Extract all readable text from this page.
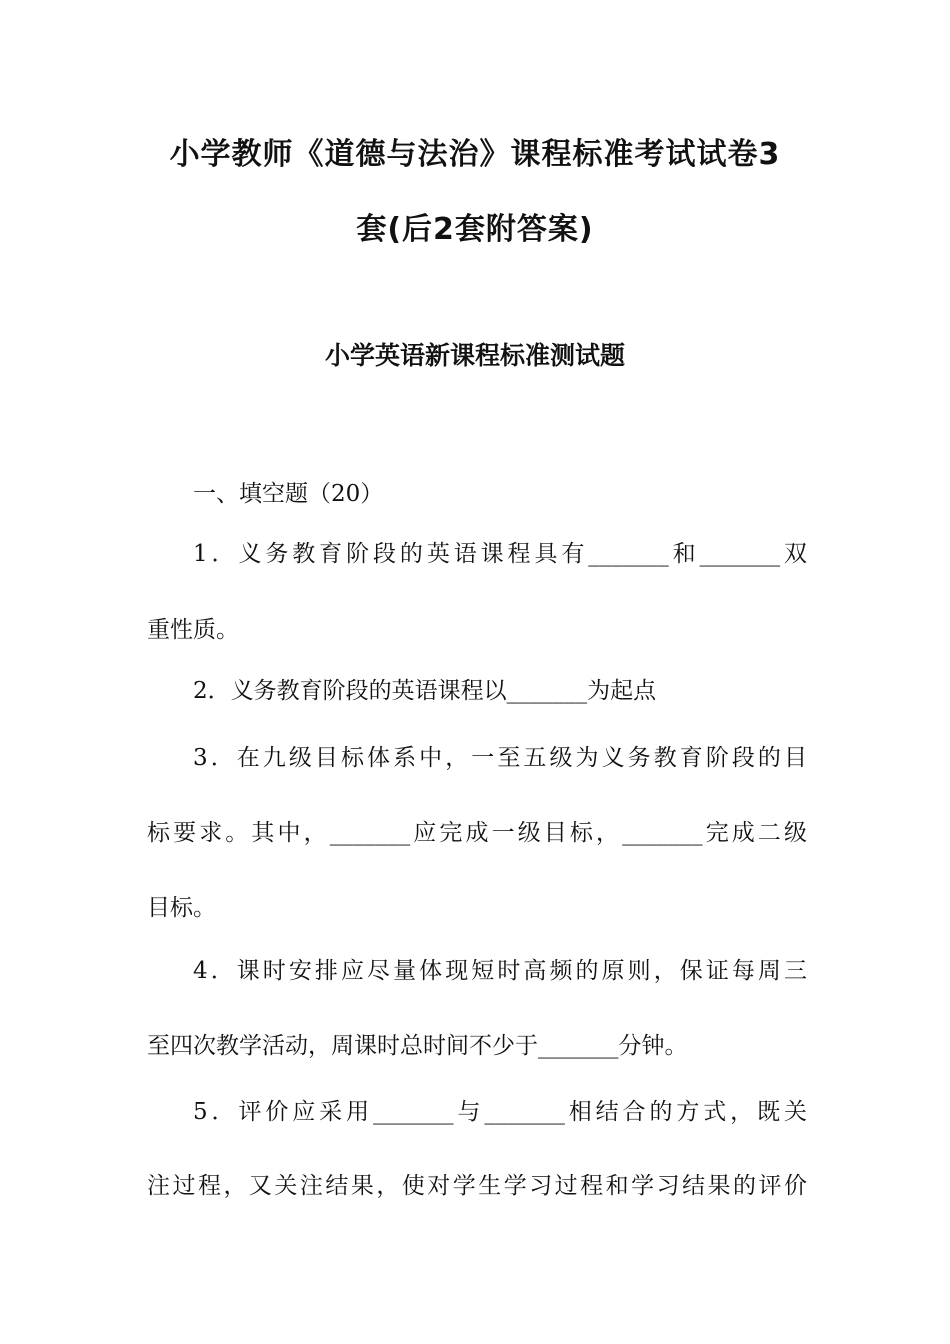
小学教师《道德与法治》课程标准考试试卷3
套(后2套附答案)
小学英语新课程标准测试题
一、填空题（20）
1．义务教育阶段的英语课程具有_______和_______双
重性质。
2．义务教育阶段的英语课程以_______为起点
3．在九级目标体系中，一至五级为义务教育阶段的目
标要求。其中，_______应完成一级目标，_______完成二级
目标。
4．课时安排应尽量体现短时高频的原则，保证每周三
至四次教学活动，周课时总时间不少于_______分钟。
5．评价应采用_______与_______相结合的方式，既关
注过程，又关注结果，使对学生学习过程和学习结果的评价
